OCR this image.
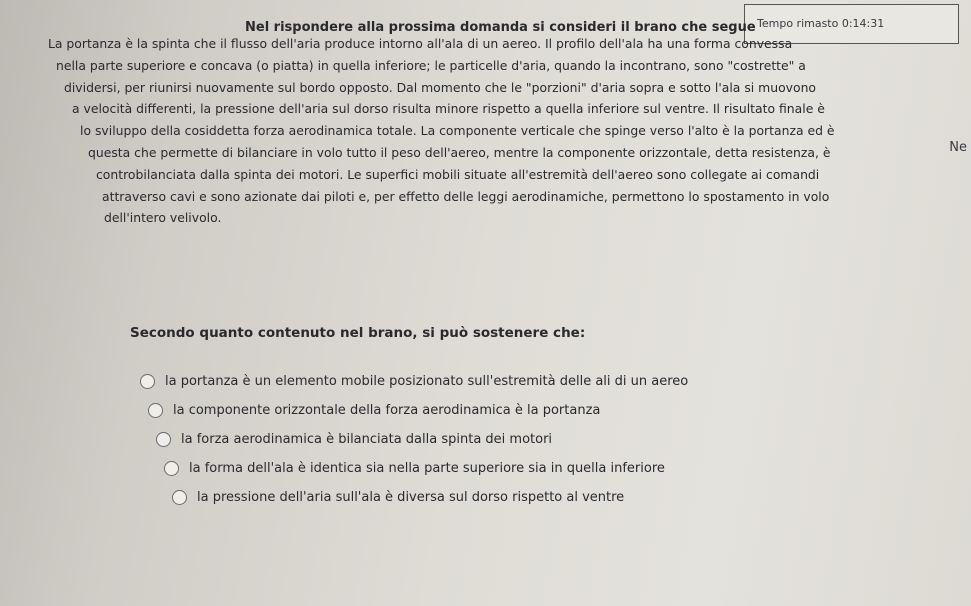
Tempo rimasto 0:14:31
Nel rispondere alla prossima domanda si consideri il brano che segue
La portanza è la spinta che il flusso dell'aria produce intorno all'ala di un aereo. Il profilo dell'ala ha una forma convessa
nella parte superiore e concava (o piatta) in quella inferiore; le particelle d'aria, quando la incontrano, sono "costrette" a
dividersi, per riunirsi nuovamente sul bordo opposto. Dal momento che le "porzioni" d'aria sopra e sotto l'ala si muovono
a velocità differenti, la pressione dell'aria sul dorso risulta minore rispetto a quella inferiore sul ventre. Il risultato finale è
lo sviluppo della cosiddetta forza aerodinamica totale. La componente verticale che spinge verso l'alto è la portanza ed è
questa che permette di bilanciare in volo tutto il peso dell'aereo, mentre la componente orizzontale, detta resistenza, è
controbilanciata dalla spinta dei motori. Le superfici mobili situate all'estremità dell'aereo sono collegate ai comandi
attraverso cavi e sono azionate dai piloti e, per effetto delle leggi aerodinamiche, permettono lo spostamento in volo
dell'intero velivolo.
Ne
Secondo quanto contenuto nel brano, si può sostenere che:
la portanza è un elemento mobile posizionato sull'estremità delle ali di un aereo
la componente orizzontale della forza aerodinamica è la portanza
la forza aerodinamica è bilanciata dalla spinta dei motori
la forma dell'ala è identica sia nella parte superiore sia in quella inferiore
la pressione dell'aria sull'ala è diversa sul dorso rispetto al ventre
